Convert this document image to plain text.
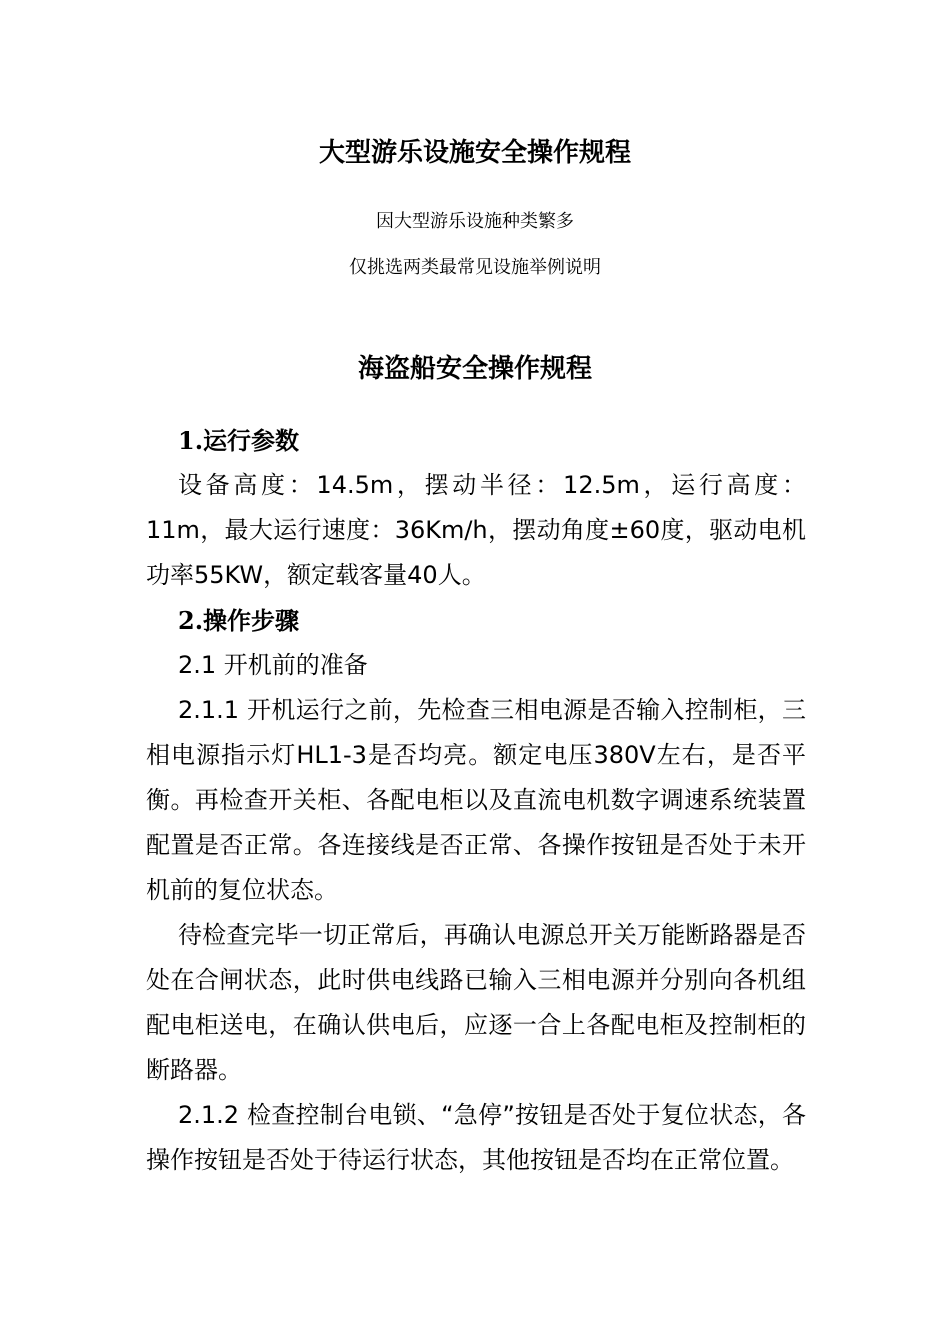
大型游乐设施安全操作规程
因大型游乐设施种类繁多
仅挑选两类最常见设施举例说明
海盗船安全操作规程

1.运行参数

设备高度：14.5m，摆动半径：12.5m，运行高度：11m，最大运行速度：36Km/h，摆动角度±60度，驱动电机功率55KW，额定载客量40人。

2.操作步骤

2.1 开机前的准备

2.1.1 开机运行之前，先检查三相电源是否输入控制柜，三相电源指示灯HL1-3是否均亮。额定电压380V左右，是否平衡。再检查开关柜、各配电柜以及直流电机数字调速系统装置配置是否正常。各连接线是否正常、各操作按钮是否处于未开机前的复位状态。

待检查完毕一切正常后，再确认电源总开关万能断路器是否处在合闸状态，此时供电线路已输入三相电源并分别向各机组配电柜送电，在确认供电后，应逐一合上各配电柜及控制柜的断路器。

2.1.2 检查控制台电锁、“急停”按钮是否处于复位状态，各操作按钮是否处于待运行状态，其他按钮是否均在正常位置。
